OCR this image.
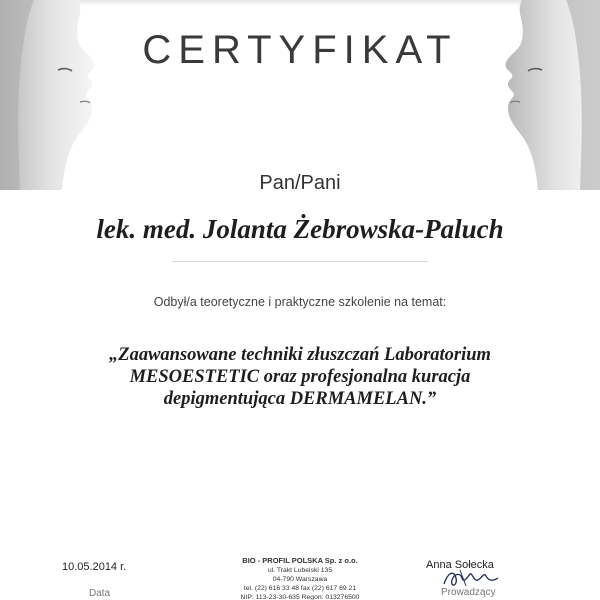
CERTYFIKAT
Pan/Pani
lek. med. Jolanta Żebrowska-Paluch
Odbył/a teoretyczne i praktyczne szkolenie na temat:
„Zaawansowane techniki złuszczań Laboratorium
MESOESTETIC oraz profesjonalna kuracja
depigmentująca DERMAMELAN.”
10.05.2014 r.
Data
BIO - PROFIL POLSKA Sp. z o.o.
ul. Trakt Lubelski 135
04-790 Warszawa
tel. (22) 616 33 48 fax (22) 617 69 21
NIP: 113-23-30-635 Regon: 013276500
Anna Sołecka
Prowadzący
